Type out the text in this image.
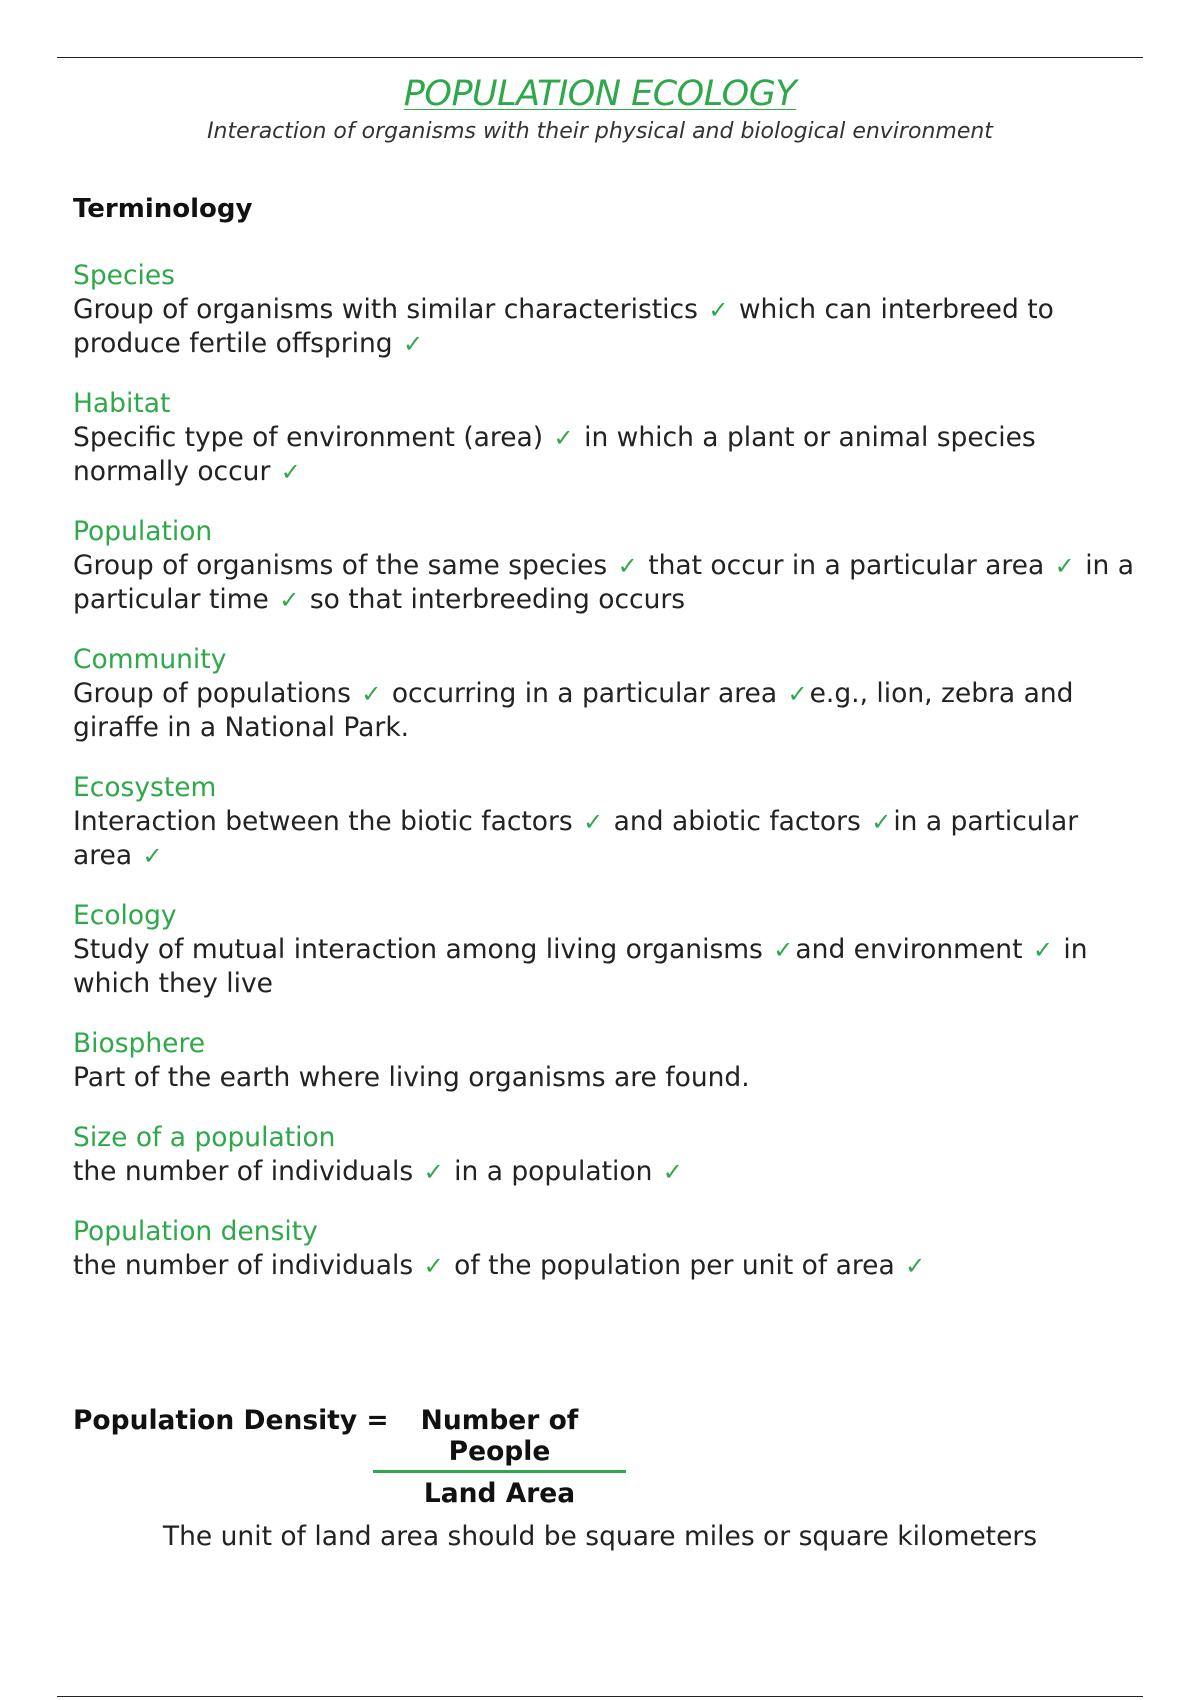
POPULATION ECOLOGY
Interaction of organisms with their physical and biological environment
Terminology
Species
Group of organisms with similar characteristics ✓ which can interbreed to produce fertile offspring ✓
Habitat
Specific type of environment (area) ✓ in which a plant or animal species normally occur ✓
Population
Group of organisms of the same species ✓ that occur in a particular area ✓ in a particular time ✓ so that interbreeding occurs
Community
Group of populations ✓ occurring in a particular area ✓e.g., lion, zebra and giraffe in a National Park.
Ecosystem
Interaction between the biotic factors ✓ and abiotic factors ✓in a particular area ✓
Ecology
Study of mutual interaction among living organisms ✓and environment ✓ in which they live
Biosphere
Part of the earth where living organisms are found.
Size of a population
the number of individuals ✓ in a population ✓
Population density
the number of individuals ✓ of the population per unit of area ✓
Population Density =	Number of People
Land Area
The unit of land area should be square miles or square kilometers
